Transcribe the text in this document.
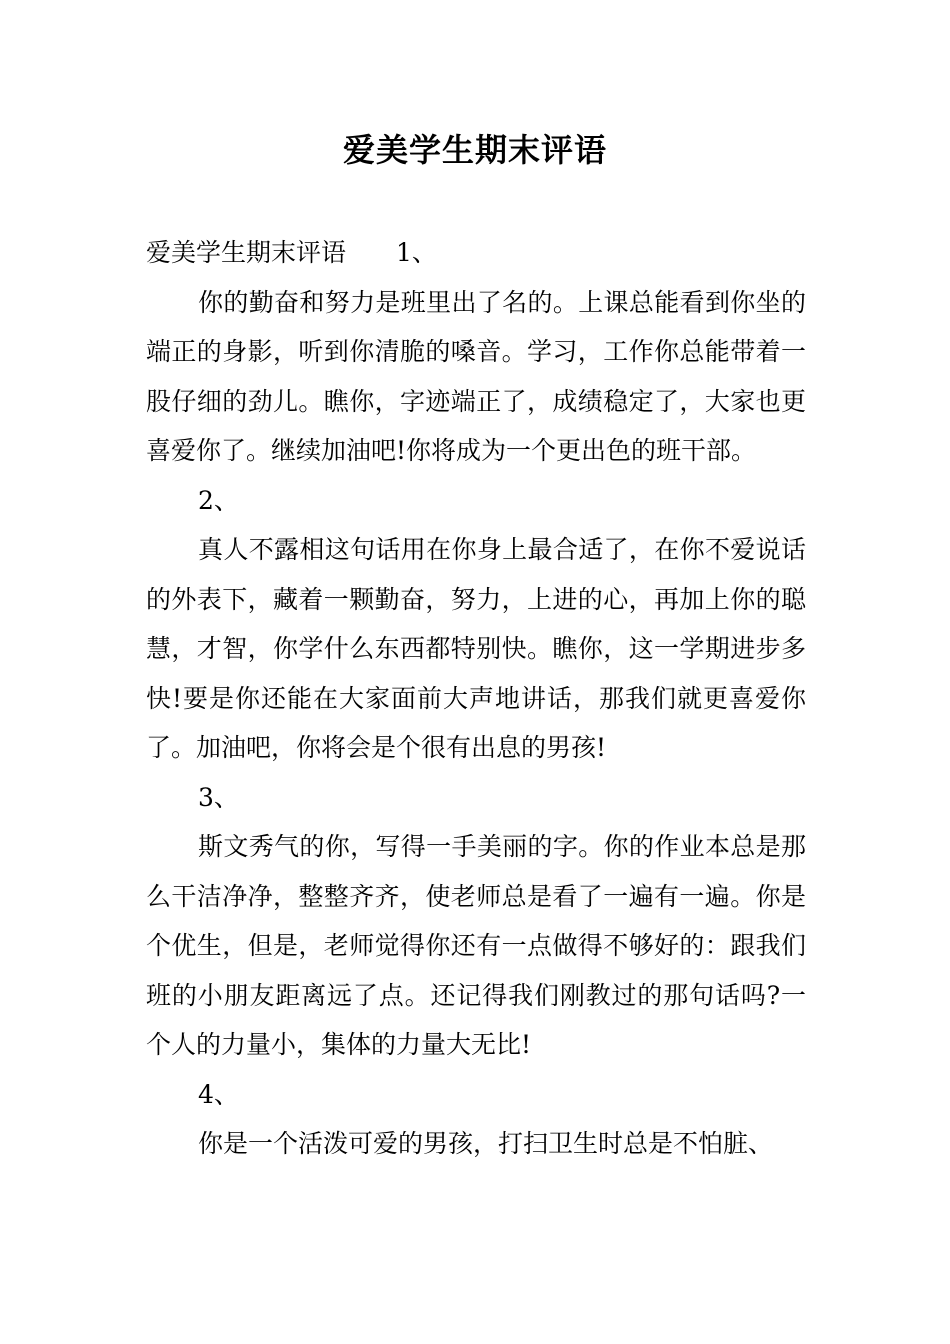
爱美学生期末评语

爱美学生期末评语 1、

你的勤奋和努力是班里出了名的。上课总能看到你坐的端正的身影，听到你清脆的嗓音。学习，工作你总能带着一股仔细的劲儿。瞧你，字迹端正了，成绩稳定了，大家也更喜爱你了。继续加油吧!你将成为一个更出色的班干部。

2、

真人不露相这句话用在你身上最合适了，在你不爱说话的外表下，藏着一颗勤奋，努力，上进的心，再加上你的聪慧，才智，你学什么东西都特别快。瞧你，这一学期进步多快!要是你还能在大家面前大声地讲话，那我们就更喜爱你了。加油吧，你将会是个很有出息的男孩!

3、

斯文秀气的你，写得一手美丽的字。你的作业本总是那么干洁净净，整整齐齐，使老师总是看了一遍有一遍。你是个优生，但是，老师觉得你还有一点做得不够好的：跟我们班的小朋友距离远了点。还记得我们刚教过的那句话吗?一个人的力量小，集体的力量大无比!

4、

你是一个活泼可爱的男孩，打扫卫生时总是不怕脏、
